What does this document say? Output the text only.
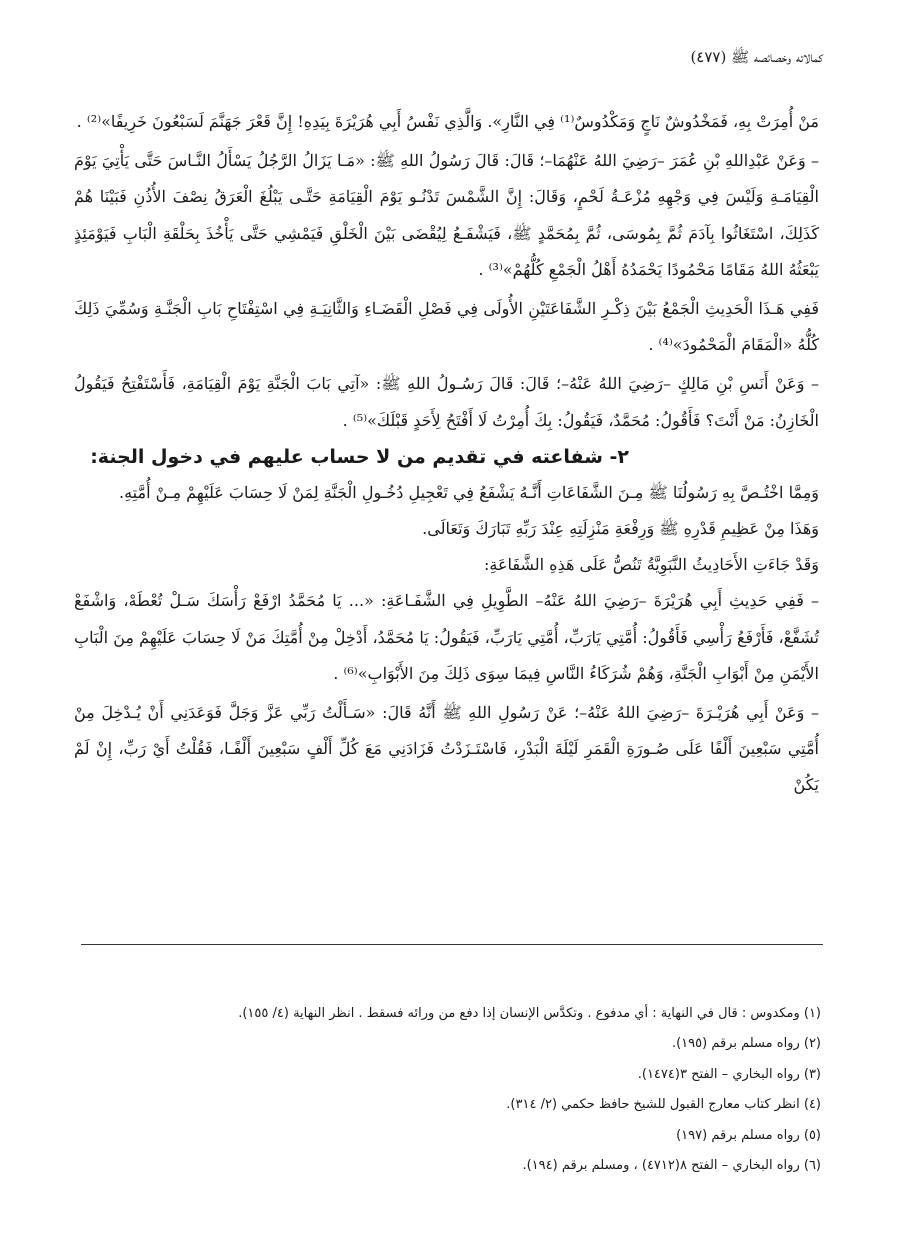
كمالاته وخصائصه ﷺ (٤٧٧)

مَنْ أُمِرَتْ بِهِ، فَمَخْدُوشٌ نَاجٍ وَمَكْدُوسٌ⁽¹⁾ فِي النَّارِ». وَالَّذِي نَفْسُ أَبِي هُرَيْرَةَ بِيَدِهِ! إِنَّ قَعْرَ جَهَنَّمَ لَسَبْعُونَ خَرِيفًا»⁽²⁾ .

– وَعَنْ عَبْدِاللهِ بْنِ عُمَرَ –رَضِيَ اللهُ عَنْهُمَا–؛ قَالَ: قَالَ رَسُولُ اللهِ ﷺ: «مَـا يَزَالُ الرَّجُلُ يَسْأَلُ النَّـاسَ حَتَّى يَأْتِيَ يَوْمَ الْقِيَامَـةِ وَلَيْسَ فِي وَجْهِهِ مُزْعَـةُ لَحْمٍ، وَقَالَ: إِنَّ الشَّمْسَ تَدْنُـو يَوْمَ الْقِيَامَةِ حَتَّـى يَبْلُغَ الْعَرَقُ نِصْفَ الأُذُنِ فَبَيْنَا هُمْ كَذَلِكَ، اسْتَغَاثُوا بِآدَمَ ثُمَّ بِمُوسَى، ثُمَّ بِمُحَمَّدٍ ﷺ، فَيَشْفَـعُ لِيُقْضَى بَيْنَ الْخَلْقِ فَيَمْشِي حَتَّى يَأْخُذَ بِحَلْقَةِ الْبَابِ فَيَوْمَئِذٍ يَبْعَثُهُ اللهُ مَقَامًا مَحْمُودًا يَحْمَدُهُ أَهْلُ الْجَمْعِ كُلُّهُمْ»⁽³⁾ .

فَفِي هَـذَا الْحَدِيثِ الْجَمْعُ بَيْنَ ذِكْـرِ الشَّفَاعَتَيْنِ الأُولَى فِي فَصْلِ الْقَضَـاءِ وَالثَّانِيَـةِ فِي اسْتِفْتَاحِ بَابِ الْجَنَّـةِ وَسُمِّيَ ذَلِكَ كُلُّهُ «الْمَقَامَ الْمَحْمُودَ»⁽⁴⁾ .

– وَعَنْ أَنَسِ بْنِ مَالِكٍ –رَضِيَ اللهُ عَنْهُ–؛ قَالَ: قَالَ رَسُـولُ اللهِ ﷺ: «آتِي بَابَ الْجَنَّةِ يَوْمَ الْقِيَامَةِ، فَأَسْتَفْتِحُ فَيَقُولُ الْخَازِنُ: مَنْ أَنْتَ؟ فَأَقُولُ: مُحَمَّدٌ، فَيَقُولُ: بِكَ أُمِرْتُ لَا أَفْتَحُ لِأَحَدٍ قَبْلَكَ»⁽⁵⁾ .

٢- شفاعته في تقديم من لا حساب عليهم في دخول الجنة:

وَمِمَّا اخْتُـصَّ بِهِ رَسُولُنَا ﷺ مِـنَ الشَّفَاعَاتِ أَنَّـهُ يَشْفَعُ فِي تَعْجِيلِ دُخُـولِ الْجَنَّةِ لِمَنْ لَا حِسَابَ عَلَيْهِمْ مِـنْ أُمَّتِهِ.

وَهَذَا مِنْ عَظِيمِ قَدْرِهِ ﷺ وَرِفْعَةِ مَنْزِلَتِهِ عِنْدَ رَبِّهِ تَبَارَكَ وَتَعَالَى.

وَقَدْ جَاءَتِ الأَحَادِيثُ النَّبَوِيَّةُ تَنُصُّ عَلَى هَذِهِ الشَّفَاعَةِ:

– فَفِي حَدِيثِ أَبِي هُرَيْرَةَ –رَضِيَ اللهُ عَنْهُ– الطَّوِيلِ فِي الشَّفَـاعَةِ: «... يَا مُحَمَّدُ ارْفَعْ رَأْسَكَ سَـلْ تُعْطَهْ، وَاشْفَعْ تُشَفَّعْ، فَأَرْفَعُ رَأْسِي فَأَقُولُ: أُمَّتِي يَارَبِّ، أُمَّتِي يَارَبِّ، فَيَقُولُ: يَا مُحَمَّدُ، أَدْخِلْ مِنْ أُمَّتِكَ مَنْ لَا حِسَابَ عَلَيْهِمْ مِنَ الْبَابِ الأَيْمَنِ مِنْ أَبْوَابِ الْجَنَّةِ، وَهُمْ شُرَكَاءُ النَّاسِ فِيمَا سِوَى ذَلِكَ مِنَ الأَبْوَابِ»⁽⁶⁾ .

– وَعَنْ أَبِي هُرَيْـرَةَ –رَضِيَ اللهُ عَنْهُ–؛ عَنْ رَسُولِ اللهِ ﷺ أَنَّهُ قَالَ: «سَـأَلْتُ رَبِّي عَزَّ وَجَلَّ فَوَعَدَنِي أَنْ يُـدْخِلَ مِنْ أُمَّتِي سَبْعِينَ أَلْفًا عَلَى صُـورَةِ الْقَمَرِ لَيْلَةَ الْبَدْرِ، فَاسْتَـزَدْتُ فَزَادَنِي مَعَ كُلِّ أَلْفٍ سَبْعِينَ أَلْفًـا، فَقُلْتُ أَيْ رَبِّ، إِنْ لَمْ يَكُنْ

(١) ومكدوس : قال في النهاية : أي مدفوع . وتكدَّس الإنسان إذا دفع من ورائه فسقط . انظر النهاية (٤/ ١٥٥).
(٢) رواه مسلم برقم (١٩٥).
(٣) رواه البخاري – الفتح ٣(١٤٧٤).
(٤) انظر كتاب معارج القبول للشيخ حافظ حكمي (٢/ ٣١٤).
(٥) رواه مسلم برقم (١٩٧)
(٦) رواه البخاري – الفتح ٨(٤٧١٢) ، ومسلم برقم (١٩٤).
